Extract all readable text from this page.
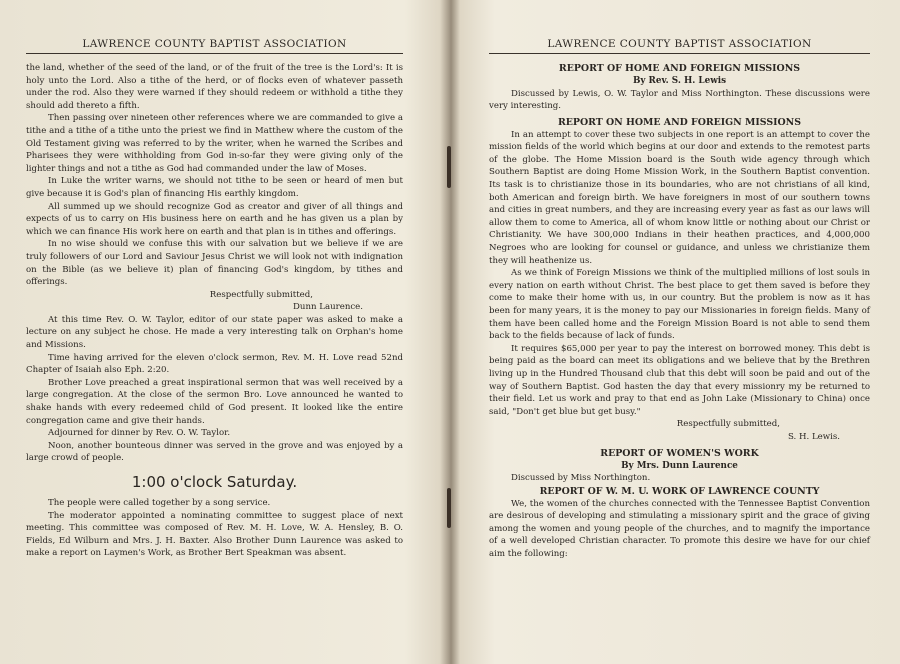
LAWRENCE COUNTY BAPTIST ASSOCIATION

the land, whether of the seed of the land, or of the fruit of the tree is the Lord's: It is holy unto the Lord. Also a tithe of the herd, or of flocks even of whatever passeth under the rod. Also they were warned if they should redeem or withhold a tithe they should add thereto a fifth.

Then passing over nineteen other references where we are commanded to give a tithe and a tithe of a tithe unto the priest we find in Matthew where the custom of the Old Testament giving was referred to by the writer, when he warned the Scribes and Pharisees they were withholding from God in-so-far they were giving only of the lighter things and not a tithe as God had commanded under the law of Moses.

In Luke the writer warns, we should not tithe to be seen or heard of men but give because it is God's plan of financing His earthly kingdom.

All summed up we should recognize God as creator and giver of all things and expects of us to carry on His business here on earth and he has given us a plan by which we can finance His work here on earth and that plan is in tithes and offerings.

In no wise should we confuse this with our salvation but we believe if we are truly followers of our Lord and Saviour Jesus Christ we will look not with indignation on the Bible (as we believe it) plan of financing God's kingdom, by tithes and offerings.

Respectfully submitted,

Dunn Laurence.

At this time Rev. O. W. Taylor, editor of our state paper was asked to make a lecture on any subject he chose. He made a very interesting talk on Orphan's home and Missions.

Time having arrived for the eleven o'clock sermon, Rev. M. H. Love read 52nd Chapter of Isaiah also Eph. 2:20.

Brother Love preached a great inspirational sermon that was well received by a large congregation. At the close of the sermon Bro. Love announced he wanted to shake hands with every redeemed child of God present. It looked like the entire congregation came and give their hands.

Adjourned for dinner by Rev. O. W. Taylor.

Noon, another bounteous dinner was served in the grove and was enjoyed by a large crowd of people.

1:00 o'clock Saturday.

The people were called together by a song service.

The moderator appointed a nominating committee to suggest place of next meeting. This committee was composed of Rev. M. H. Love, W. A. Hensley, B. O. Fields, Ed Wilburn and Mrs. J. H. Baxter. Also Brother Dunn Laurence was asked to make a report on Laymen's Work, as Brother Bert Speakman was absent.

LAWRENCE COUNTY BAPTIST ASSOCIATION
REPORT OF HOME AND FOREIGN MISSIONS
By Rev. S. H. Lewis

Discussed by Lewis, O. W. Taylor and Miss Northington. These discussions were very interesting.

REPORT ON HOME AND FOREIGN MISSIONS

In an attempt to cover these two subjects in one report is an attempt to cover the mission fields of the world which begins at our door and extends to the remotest parts of the globe. The Home Mission board is the South wide agency through which Southern Baptist are doing Home Mission Work, in the Southern Baptist convention. Its task is to christianize those in its boundaries, who are not christians of all kind, both American and foreign birth. We have foreigners in most of our southern towns and cities in great numbers, and they are increasing every year as fast as our laws will allow them to come to America, all of whom know little or nothing about our Christ or Christianity. We have 300,000 Indians in their heathen practices, and 4,000,000 Negroes who are looking for counsel or guidance, and unless we christianize them they will heathenize us.

As we think of Foreign Missions we think of the multiplied millions of lost souls in every nation on earth without Christ. The best place to get them saved is before they come to make their home with us, in our country. But the problem is now as it has been for many years, it is the money to pay our Missionaries in foreign fields. Many of them have been called home and the Foreign Mission Board is not able to send them back to the fields because of lack of funds.

It requires $65,000 per year to pay the interest on borrowed money. This debt is being paid as the board can meet its obligations and we believe that by the Brethren living up in the Hundred Thousand club that this debt will soon be paid and out of the way of Southern Baptist. God hasten the day that every missionry my be returned to their field. Let us work and pray to that end as John Lake (Missionary to China) once said, "Don't get blue but get busy."

Respectfully submitted,

S. H. Lewis.

REPORT OF WOMEN'S WORK
By Mrs. Dunn Laurence

Discussed by Miss Northington.

REPORT OF W. M. U. WORK OF LAWRENCE COUNTY

We, the women of the churches connected with the Tennessee Baptist Convention are desirous of developing and stimulating a missionary spirit and the grace of giving among the women and young people of the churches, and to magnify the importance of a well developed Christian character. To promote this desire we have for our chief aim the following:
